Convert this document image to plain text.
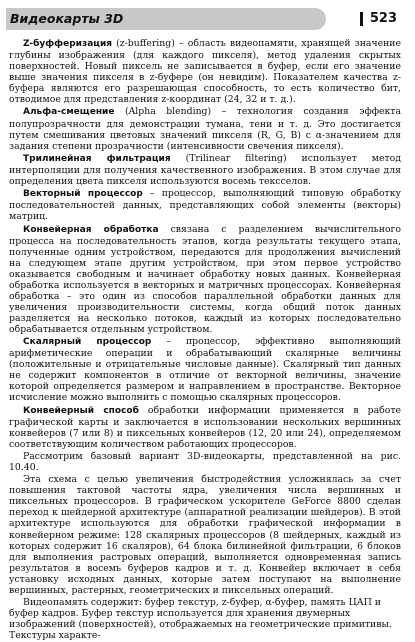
Видеокарты 3D	523

Z-буфферизация (z-buffering) – область видеопамяти, хранящей значение глубины изображения (для каждого пикселя), метод удаления скрытых поверхностей. Новый пиксель не записывается в буфер, если его значение выше значения пикселя в z-буфере (он невидим). Показателем качества z-буфера являются его разрешающая способность, то есть количество бит, отводимое для представления z-координат (24, 32 и т. д.).

Альфа-смещение (Alpha blending) – технология создания эффекта полупрозрачности для демонстрации тумана, тени и т. д. Это достигается путем смешивания цветовых значений пикселя (R, G, B) с α-значением для задания степени прозрачности (интенсивности свечения пикселя).

Трилинейная фильтрация (Trilinear filtering) использует метод интерполяции для получения качественного изображения. В этом случае для определения цвета пикселя используются восемь тексселов.

Векторный процессор – процессор, выполняющий типовую обработку последовательностей данных, представляющих собой элементы (векторы) матриц.

Конвейерная обработка связана с разделением вычислительного процесса на последовательность этапов, когда результаты текущего этапа, полученные одним устройством, передаются для продолжения вычислений на следующем этапе другим устройством, при этом первое устройство оказывается свободным и начинает обработку новых данных. Конвейерная обработка используется в векторных и матричных процессорах. Конвейерная обработка – это один из способов параллельной обработки данных для увеличения производительности системы, когда общий поток данных разделяется на несколько потоков, каждый из которых последовательно обрабатывается отдельным устройством.

Скалярный процессор – процессор, эффективно выполняющий арифметические операции и обрабатывающий скалярные величины (положительные и отрицательные числовые данные). Скалярный тип данных не содержит компонентов в отличие от векторной величины, значение которой определяется размером и направлением в пространстве. Векторное исчисление можно выполнить с помощью скалярных процессоров.

Конвейерный способ обработки информации применяется в работе графической карты и заключается в использовании нескольких вершинных конвейеров (7 или 8) и пиксельных конвейеров (12, 20 или 24), определяемом соответствующим количеством работающих процессоров.

Рассмотрим базовый вариант 3D-видеокарты, представленной на рис. 10.40.

Эта схема с целью увеличения быстродействия усложнялась за счет повышения тактовой частоты ядра, увеличения числа вершинных и пиксельных процессоров. В графическом ускорителе GeForce 8800 сделан переход к шейдерной архитектуре (аппаратной реализации шейдеров). В этой архитектуре используются для обработки графической информации в конвейерном режиме: 128 скалярных процессоров (8 шейдерных, каждый из которых содержит 16 скаляров), 64 блока билинейной фильтрации, 6 блоков для выполнения растровых операций, выполняется одновременная запись результатов в восемь буферов кадров и т. д. Конвейер включает в себя установку исходных данных, которые затем поступают на выполнение вершинных, растерных, геометрических и пиксельных операций.

Видеопамять содержит: буфер текстур, z-буфер, α-буфер, память ЦАП и буфер кадров. Буфер текстур используется для хранения двумерных изображений (поверхностей), отображаемых на геометрические примитивы. Текстуры характе-
